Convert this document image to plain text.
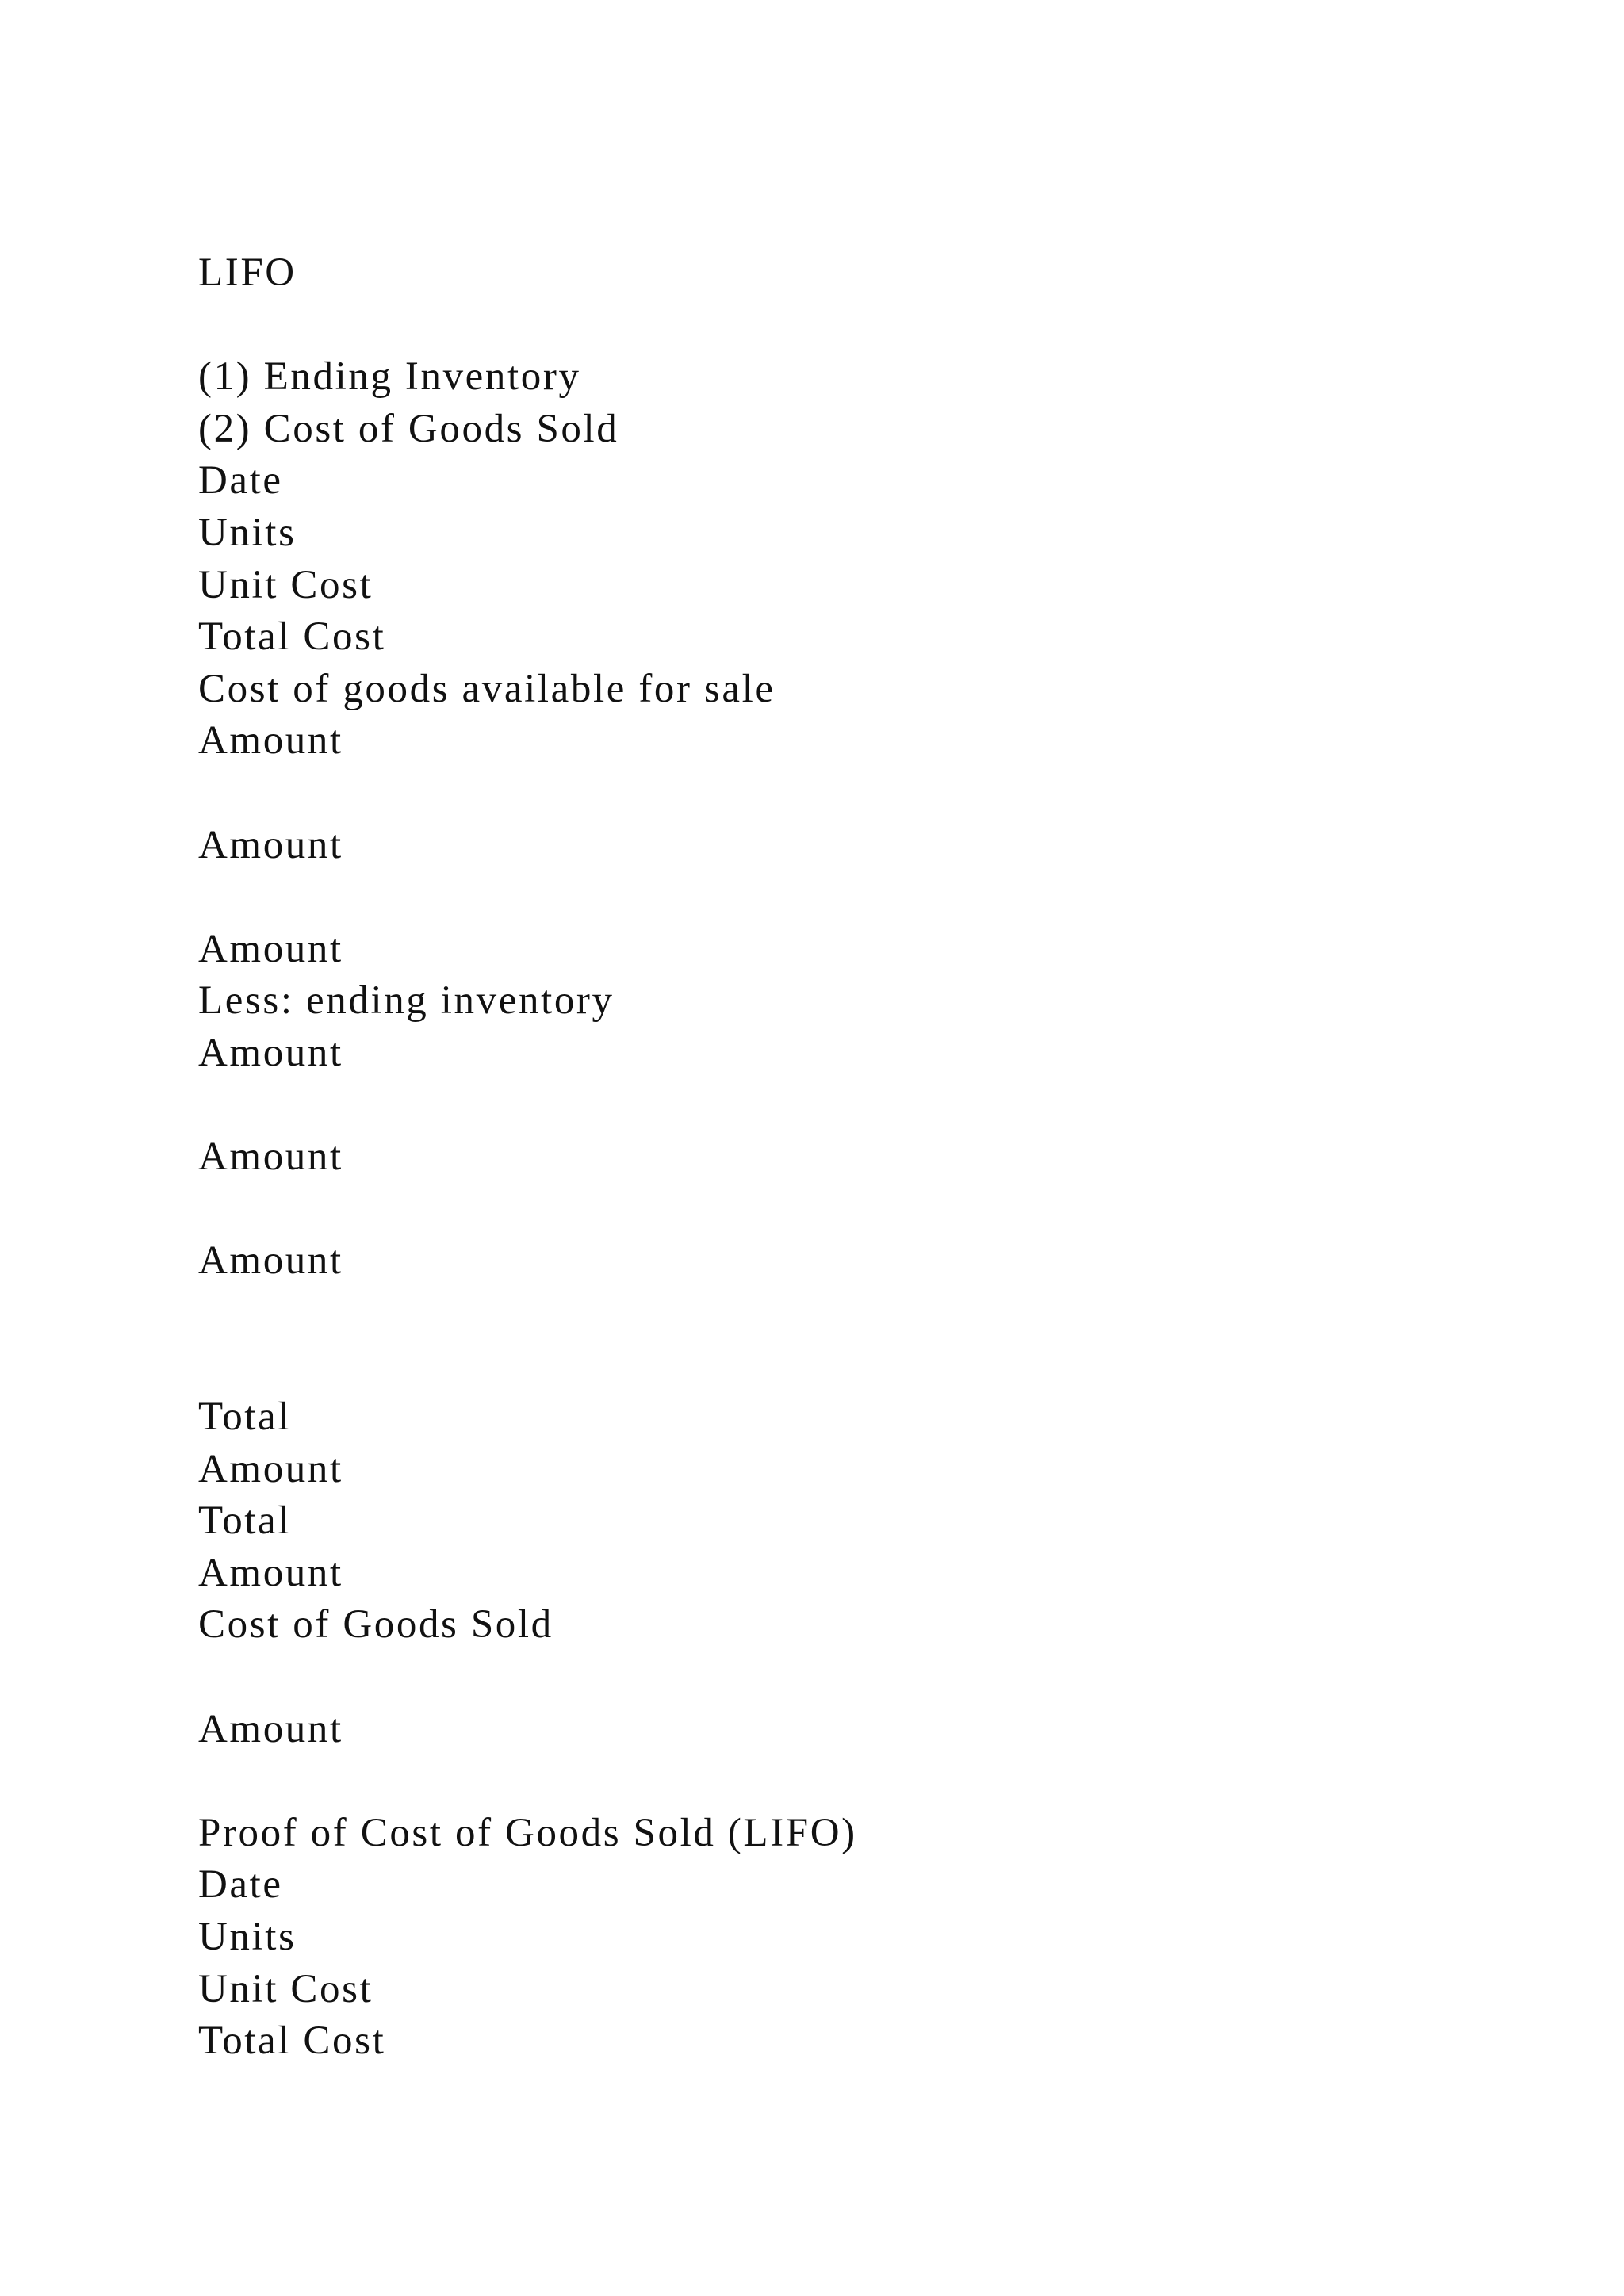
LIFO
(1) Ending Inventory
(2) Cost of Goods Sold
Date
Units
Unit Cost
Total Cost
Cost of goods available for sale
Amount
Amount
Amount
Less: ending inventory
Amount
Amount
Amount
Total
Amount
Total
Amount
Cost of Goods Sold
Amount
Proof of Cost of Goods Sold (LIFO)
Date
Units
Unit Cost
Total Cost
